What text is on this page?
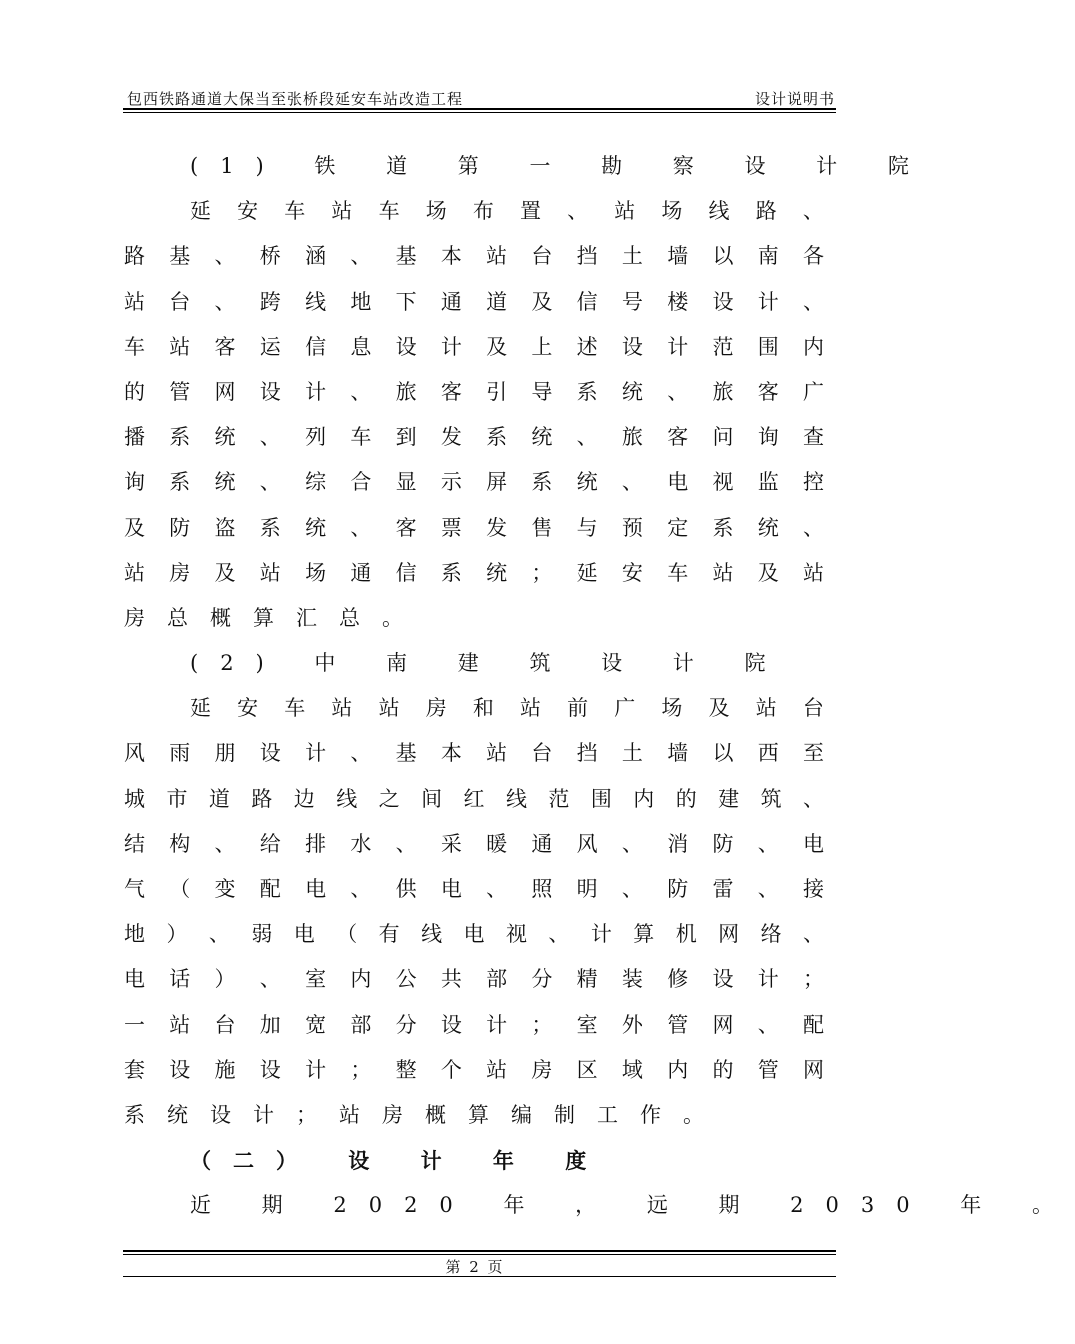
包西铁路通道大保当至张桥段延安车站改造工程	设计说明书
(1) 铁 道 第 一 勘 察 设 计 院
延 安 车 站 车 场 布 置 、 站 场 线 路 、
路 基 、 桥 涵 、 基 本 站 台 挡 土 墙 以 南 各
站 台 、 跨 线 地 下 通 道 及 信 号 楼 设 计 、
车 站 客 运 信 息 设 计 及 上 述 设 计 范 围 内
的 管 网 设 计 、 旅 客 引 导 系 统 、 旅 客 广
播 系 统 、 列 车 到 发 系 统 、 旅 客 问 询 查
询 系 统 、 综 合 显 示 屏 系 统 、 电 视 监 控
及 防 盗 系 统 、 客 票 发 售 与 预 定 系 统 、
站 房 及 站 场 通 信 系 统 ； 延 安 车 站 及 站
房总概算汇总。
(2) 中 南 建 筑 设 计 院
延 安 车 站 站 房 和 站 前 广 场 及 站 台
风 雨 朋 设 计 、 基 本 站 台 挡 土 墙 以 西 至
城 市 道 路 边 线 之 间 红 线 范 围 内 的 建 筑 、
结 构 、 给 排 水 、 采 暖 通 风 、 消 防 、 电
气 （ 变 配 电 、 供 电 、 照 明 、 防 雷 、 接
地 ） 、 弱 电 （ 有 线 电 视 、 计 算 机 网 络 、
电 话 ） 、 室 内 公 共 部 分 精 装 修 设 计 ；
一 站 台 加 宽 部 分 设 计 ； 室 外 管 网 、 配
套 设 施 设 计 ； 整 个 站 房 区 域 内 的 管 网
系统设计；站房概算编制工作。
（二） 设 计 年 度
近 期 2020 年 ， 远 期 2030 年 。
第 2 页
